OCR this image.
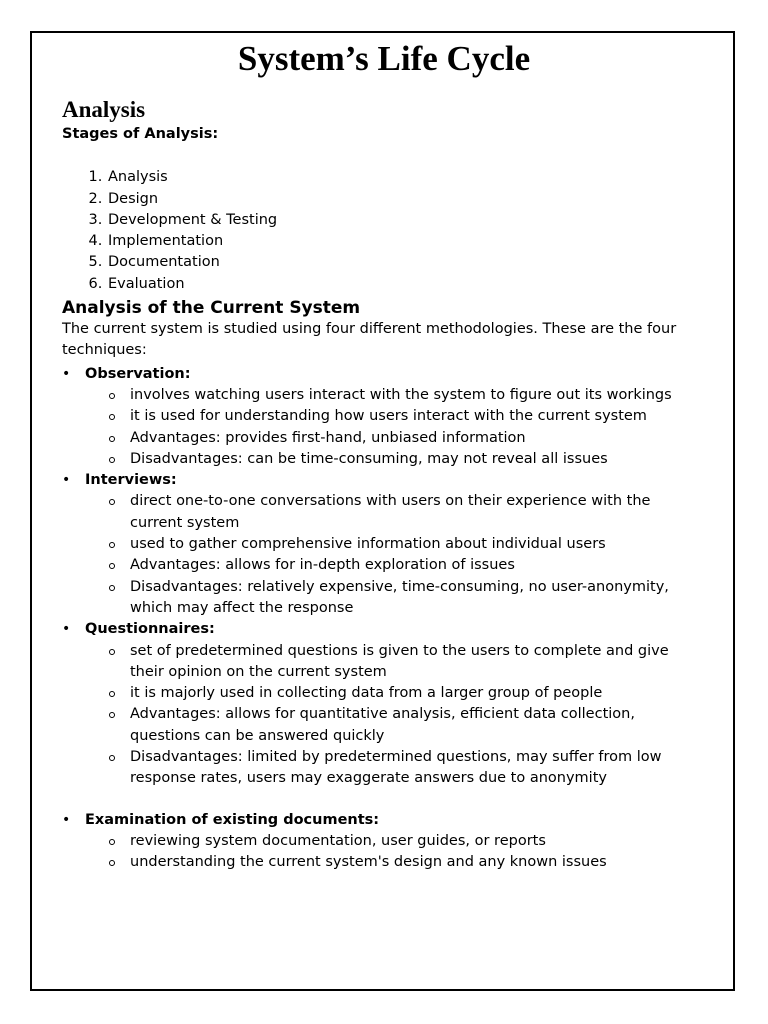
System’s Life Cycle
Analysis

Stages of Analysis:

1. Analysis
2. Design
3. Development & Testing
4. Implementation
5. Documentation
6. Evaluation
Analysis of the Current System

The current system is studied using four different methodologies. These are the four techniques:

• Observation:
involves watching users interact with the system to figure out its workings
it is used for understanding how users interact with the current system
Advantages: provides first-hand, unbiased information
Disadvantages: can be time-consuming, may not reveal all issues
• Interviews:
direct one-to-one conversations with users on their experience with the current system
used to gather comprehensive information about individual users
Advantages: allows for in-depth exploration of issues
Disadvantages: relatively expensive, time-consuming, no user-anonymity, which may affect the response
• Questionnaires:
set of predetermined questions is given to the users to complete and give their opinion on the current system
it is majorly used in collecting data from a larger group of people
Advantages: allows for quantitative analysis, efficient data collection, questions can be answered quickly
Disadvantages: limited by predetermined questions, may suffer from low response rates, users may exaggerate answers due to anonymity
• Examination of existing documents:
reviewing system documentation, user guides, or reports
understanding the current system's design and any known issues
